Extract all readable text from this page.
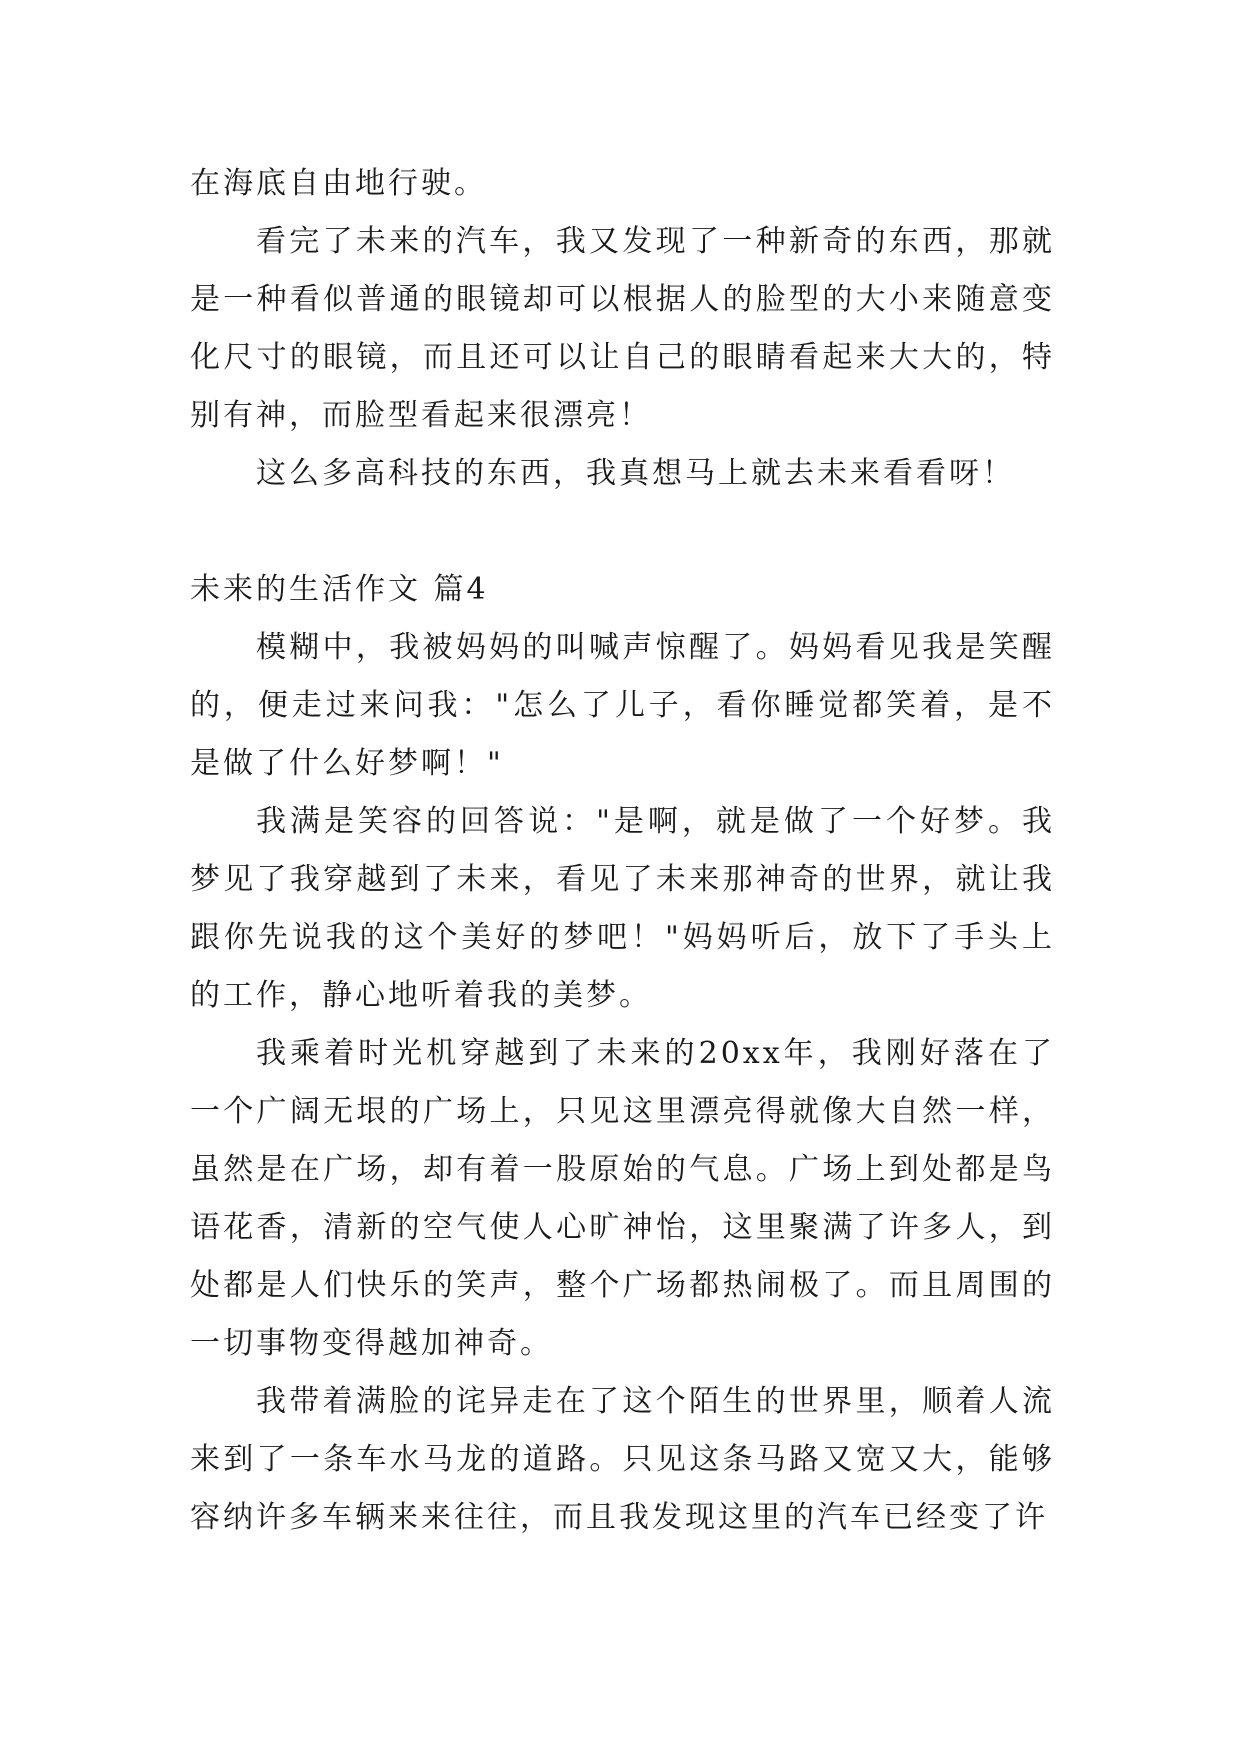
在海底自由地行驶。

看完了未来的汽车，我又发现了一种新奇的东西，那就是一种看似普通的眼镜却可以根据人的脸型的大小来随意变化尺寸的眼镜，而且还可以让自己的眼睛看起来大大的，特别有神，而脸型看起来很漂亮！

这么多高科技的东西，我真想马上就去未来看看呀！

未来的生活作文 篇4

模糊中，我被妈妈的叫喊声惊醒了。妈妈看见我是笑醒的，便走过来问我："怎么了儿子，看你睡觉都笑着，是不是做了什么好梦啊！"

我满是笑容的回答说："是啊，就是做了一个好梦。我梦见了我穿越到了未来，看见了未来那神奇的世界，就让我跟你先说我的这个美好的梦吧！"妈妈听后，放下了手头上的工作，静心地听着我的美梦。

我乘着时光机穿越到了未来的20xx年，我刚好落在了一个广阔无垠的广场上，只见这里漂亮得就像大自然一样，虽然是在广场，却有着一股原始的气息。广场上到处都是鸟语花香，清新的空气使人心旷神怡，这里聚满了许多人，到处都是人们快乐的笑声，整个广场都热闹极了。而且周围的一切事物变得越加神奇。

我带着满脸的诧异走在了这个陌生的世界里，顺着人流来到了一条车水马龙的道路。只见这条马路又宽又大，能够容纳许多车辆来来往往，而且我发现这里的汽车已经变了许
